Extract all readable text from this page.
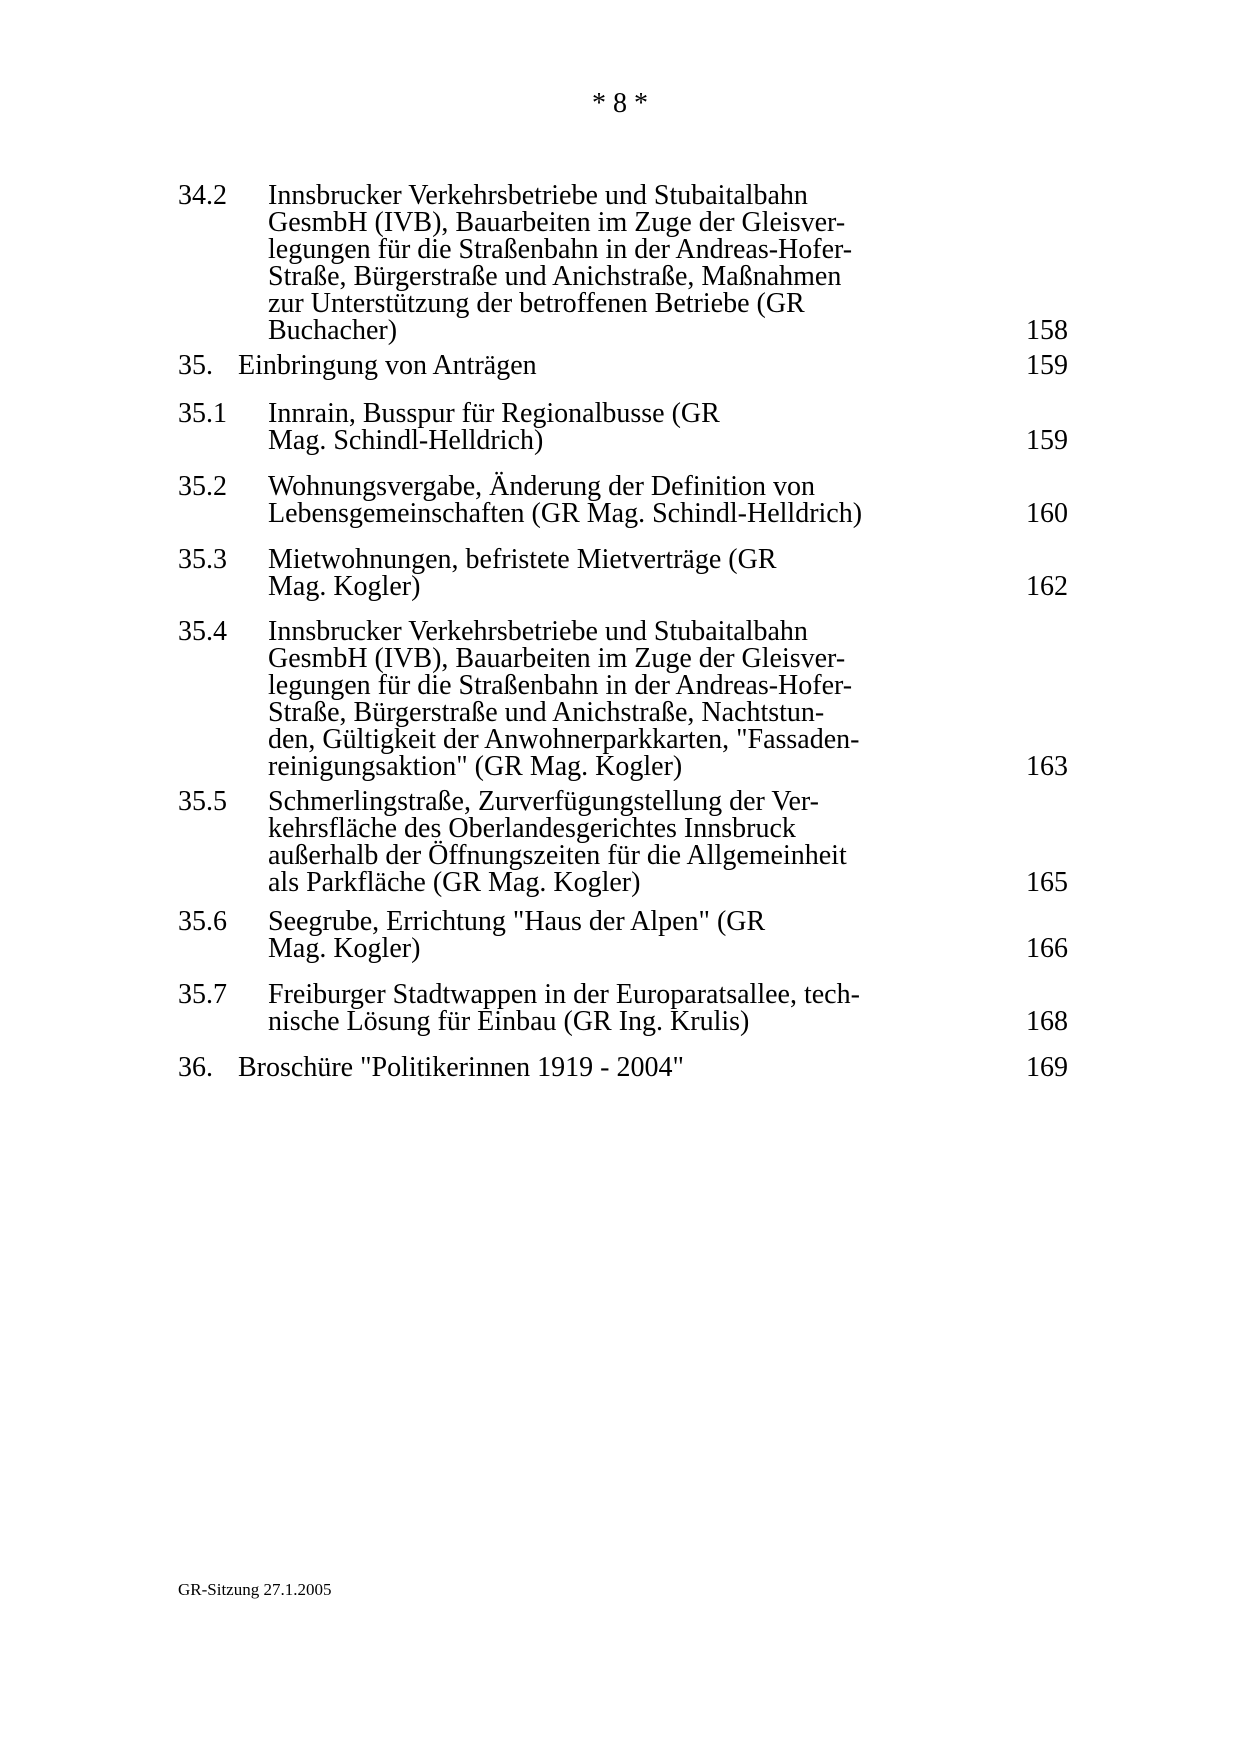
* 8 *
34.2 Innsbrucker Verkehrsbetriebe und Stubaitalbahn
GesmbH (IVB), Bauarbeiten im Zuge der Gleisver-
legungen für die Straßenbahn in der Andreas-Hofer-
Straße, Bürgerstraße und Anichstraße, Maßnahmen
zur Unterstützung der betroffenen Betriebe (GR
Buchacher)	158
35. Einbringung von Anträgen	159
35.1 Innrain, Busspur für Regionalbusse (GR
Mag. Schindl-Helldrich)	159
35.2 Wohnungsvergabe, Änderung der Definition von
Lebensgemeinschaften (GR Mag. Schindl-Helldrich)	160
35.3 Mietwohnungen, befristete Mietverträge (GR
Mag. Kogler)	162
35.4 Innsbrucker Verkehrsbetriebe und Stubaitalbahn
GesmbH (IVB), Bauarbeiten im Zuge der Gleisver-
legungen für die Straßenbahn in der Andreas-Hofer-
Straße, Bürgerstraße und Anichstraße, Nachtstun-
den, Gültigkeit der Anwohnerparkkarten, "Fassaden-
reinigungsaktion" (GR Mag. Kogler)	163
35.5 Schmerlingstraße, Zurverfügungstellung der Ver-
kehrsfläche des Oberlandesgerichtes Innsbruck
außerhalb der Öffnungszeiten für die Allgemeinheit
als Parkfläche (GR Mag. Kogler)	165
35.6 Seegrube, Errichtung "Haus der Alpen" (GR
Mag. Kogler)	166
35.7 Freiburger Stadtwappen in der Europaratsallee, tech-
nische Lösung für Einbau (GR Ing. Krulis)	168
36. Broschüre "Politikerinnen 1919 - 2004"	169
GR-Sitzung 27.1.2005
